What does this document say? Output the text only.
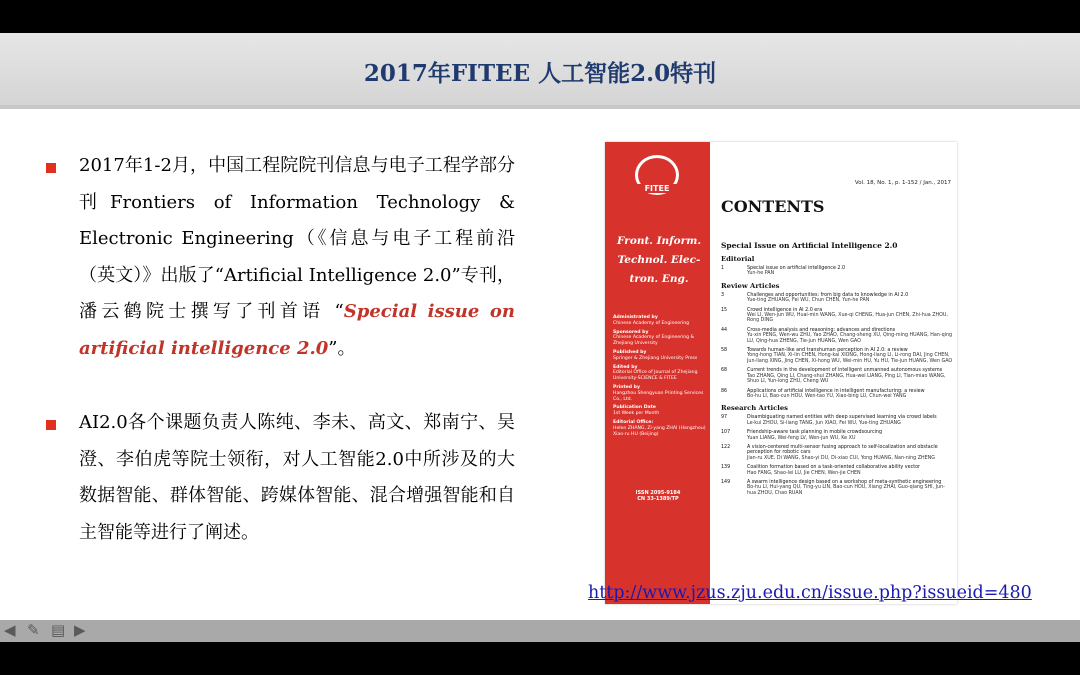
2017年FITEE 人工智能2.0特刊
2017年1-2月，中国工程院院刊信息与电子工程学部分刊Frontiers of Information Technology & Electronic Engineering（《信息与电子工程前沿（英文）》出版了“Artificial Intelligence 2.0”专刊，潘云鹤院士撰写了刊首语 “Special issue on artificial intelligence 2.0”。
AI2.0各个课题负责人陈纯、李未、高文、郑南宁、吴澄、李伯虎等院士领衔，对人工智能2.0中所涉及的大数据智能、群体智能、跨媒体智能、混合增强智能和自主智能等进行了阐述。
FITEE
Front. Inform.
Technol. Elec-
tron. Eng.
Administrated by
Chinese Academy of Engineering
Sponsored by
Chinese Academy of Engineering & Zhejiang University
Published by
Springer & Zhejiang University Press
Edited by
Editorial Office of Journal of Zhejiang University-SCIENCE & FITEE
Printed by
Hangzhou Shengyuan Printing Services Co., Ltd.
Publication Date
1st Week per Month
Editorial Office:
Helen ZHANG, Zi-yang ZHAI (Hangzhou) Xiao-ru HU (Beijing)
ISSN 2095-9184
CN 33-1389/TP
Vol. 18, No. 1, p. 1-152 / Jan., 2017
CONTENTS
Special Issue on Artificial Intelligence 2.0
Editorial
1	Special issue on artificial intelligence 2.0
Yun-he PAN
Review Articles
3	Challenges and opportunities: from big data to knowledge in AI 2.0
Yue-ting ZHUANG, Fei WU, Chun CHEN, Yun-he PAN
15	Crowd intelligence in AI 2.0 era
Wei LI, Wen-jun WU, Huai-min WANG, Xue-qi CHENG, Hua-jun CHEN, Zhi-hua ZHOU, Rong DING
44	Cross-media analysis and reasoning: advances and directions
Yu-xin PENG, Wen-wu ZHU, Yao ZHAO, Chang-sheng XU, Qing-ming HUANG, Han-qing LU, Qing-hua ZHENG, Tie-jun HUANG, Wen GAO
58	Towards human-like and transhuman perception in AI 2.0: a review
Yong-hong TIAN, Xi-lin CHEN, Hong-kai XIONG, Hong-liang LI, Li-rong DAI, Jing CHEN, Jun-liang XING, Jing CHEN, Xi-hong WU, Wei-min HU, Yu HU, Tie-jun HUANG, Wen GAO
68	Current trends in the development of intelligent unmanned autonomous systems
Tao ZHANG, Qing LI, Chang-shui ZHANG, Hua-wei LIANG, Ping LI, Tian-miao WANG, Shuo LI, Yun-long ZHU, Cheng WU
86	Applications of artificial intelligence in intelligent manufacturing: a review
Bo-hu LI, Bao-cun HOU, Wen-tao YU, Xiao-bing LU, Chun-wei YANG
Research Articles
97	Disambiguating named entities with deep supervised learning via crowd labels
Le-kui ZHOU, Si-liang TANG, Jun XIAO, Fei WU, Yue-ting ZHUANG
107	Friendship-aware task planning in mobile crowdsourcing
Yuan LIANG, Wei-feng LV, Wen-jun WU, Ke XU
122	A vision-centered multi-sensor fusing approach to self-localization and obstacle perception for robotic cars
Jian-ru XUE, Di WANG, Shao-yi DU, Di-xiao CUI, Yong HUANG, Nan-ning ZHENG
139	Coalition formation based on a task-oriented collaborative ability vector
Hao FANG, Shao-lei LU, Jie CHEN, Wen-jie CHEN
149	A swarm intelligence design based on a workshop of meta-synthetic engineering
Bo-hu LI, Hui-yang QU, Ting-yu LIN, Bao-cun HOU, Xiang ZHAI, Guo-qiang SHI, Jun-hua ZHOU, Chao RUAN
http://www.jzus.zju.edu.cn/issue.php?issueid=480
◀ ✎ ▤ ▶
